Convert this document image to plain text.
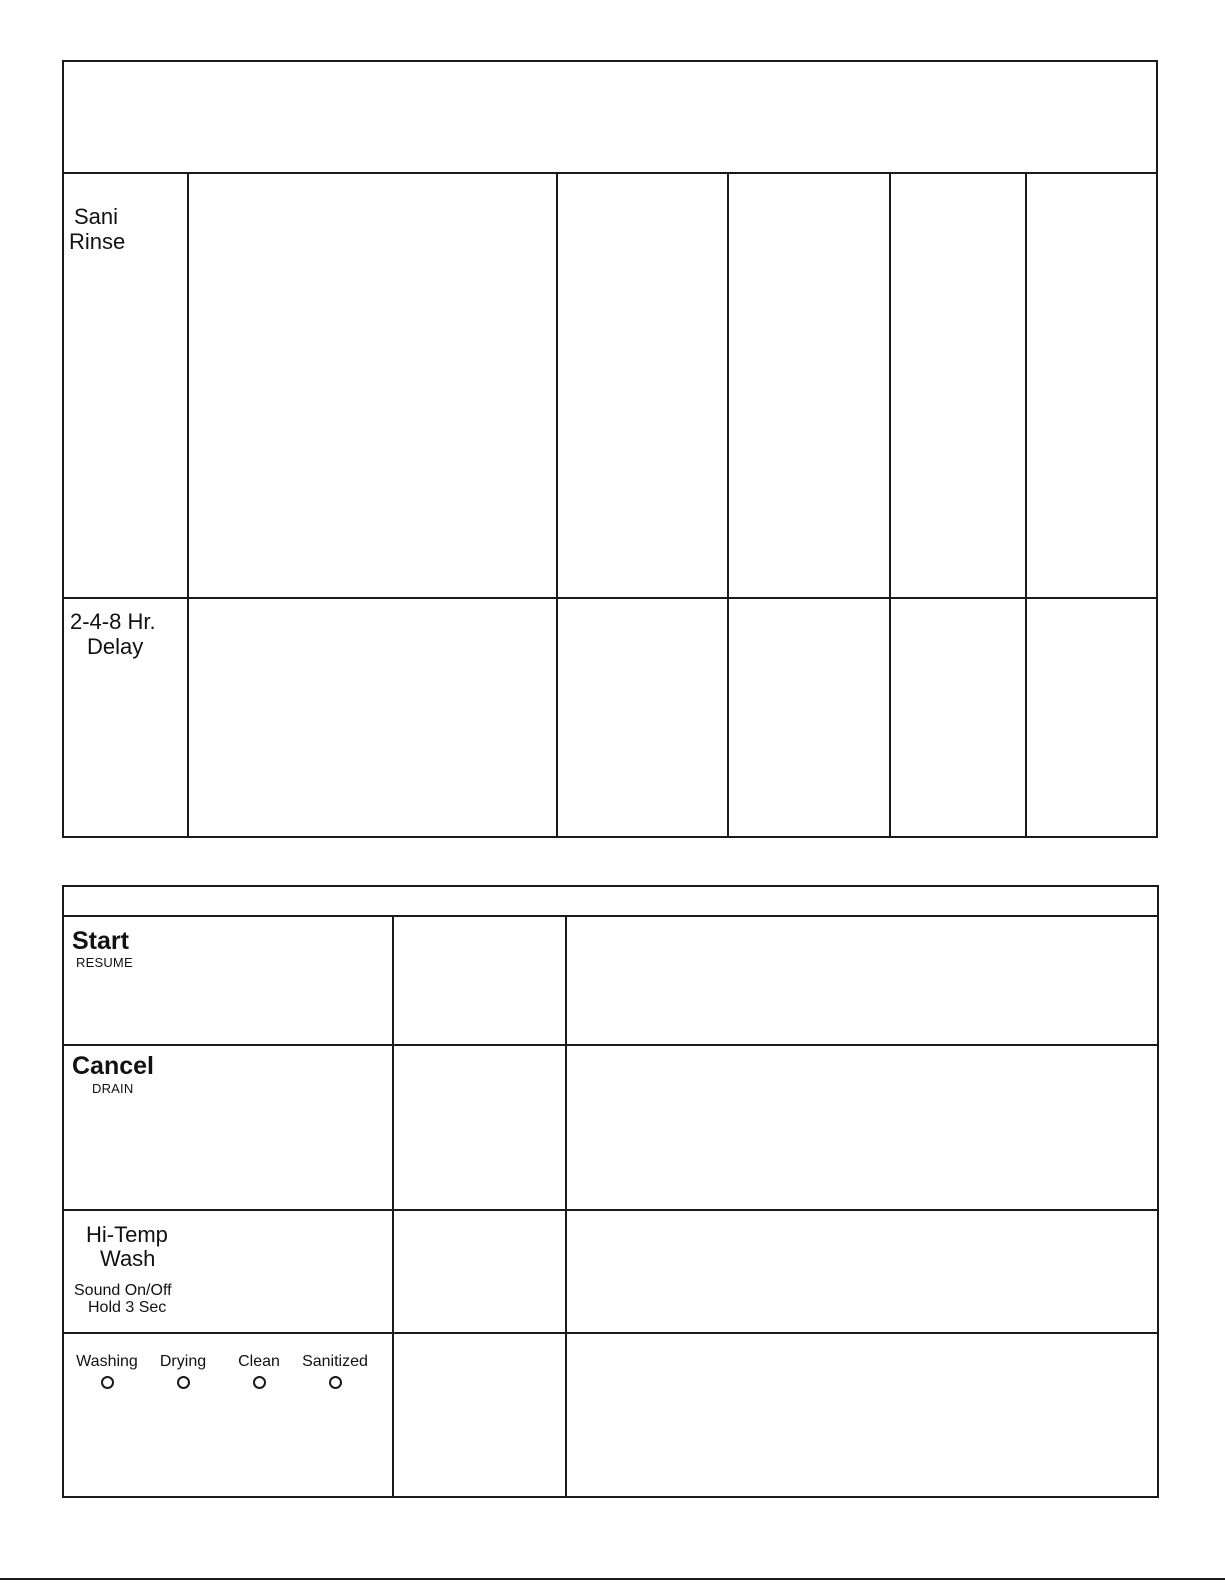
Sani
Rinse
2-4-8 Hr.
Delay
Start
RESUME
Cancel
DRAIN
Hi-Temp
Wash
Sound On/Off
Hold 3 Sec
Washing	Drying	Clean Sanitized
